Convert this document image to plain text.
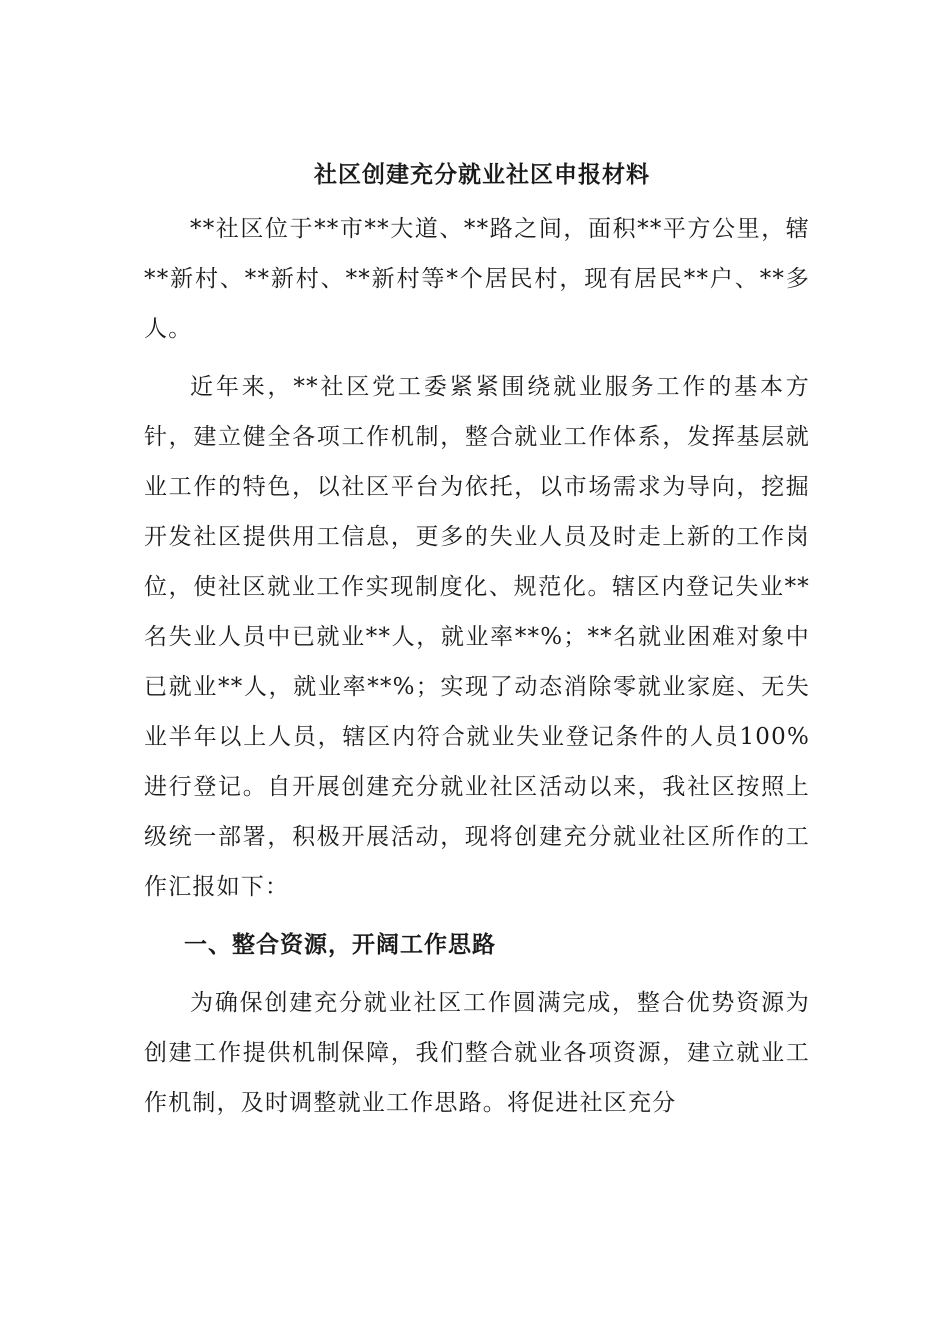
社区创建充分就业社区申报材料

**社区位于**市**大道、**路之间，面积**平方公里，辖**新村、**新村、**新村等*个居民村，现有居民**户、**多人。

近年来，**社区党工委紧紧围绕就业服务工作的基本方针，建立健全各项工作机制，整合就业工作体系，发挥基层就业工作的特色，以社区平台为依托，以市场需求为导向，挖掘开发社区提供用工信息，更多的失业人员及时走上新的工作岗位，使社区就业工作实现制度化、规范化。辖区内登记失业**名失业人员中已就业**人，就业率**%；**名就业困难对象中已就业**人，就业率**%；实现了动态消除零就业家庭、无失业半年以上人员，辖区内符合就业失业登记条件的人员100%进行登记。自开展创建充分就业社区活动以来，我社区按照上级统一部署，积极开展活动，现将创建充分就业社区所作的工作汇报如下：

一、整合资源，开阔工作思路

为确保创建充分就业社区工作圆满完成，整合优势资源为创建工作提供机制保障，我们整合就业各项资源，建立就业工作机制，及时调整就业工作思路。将促进社区充分
